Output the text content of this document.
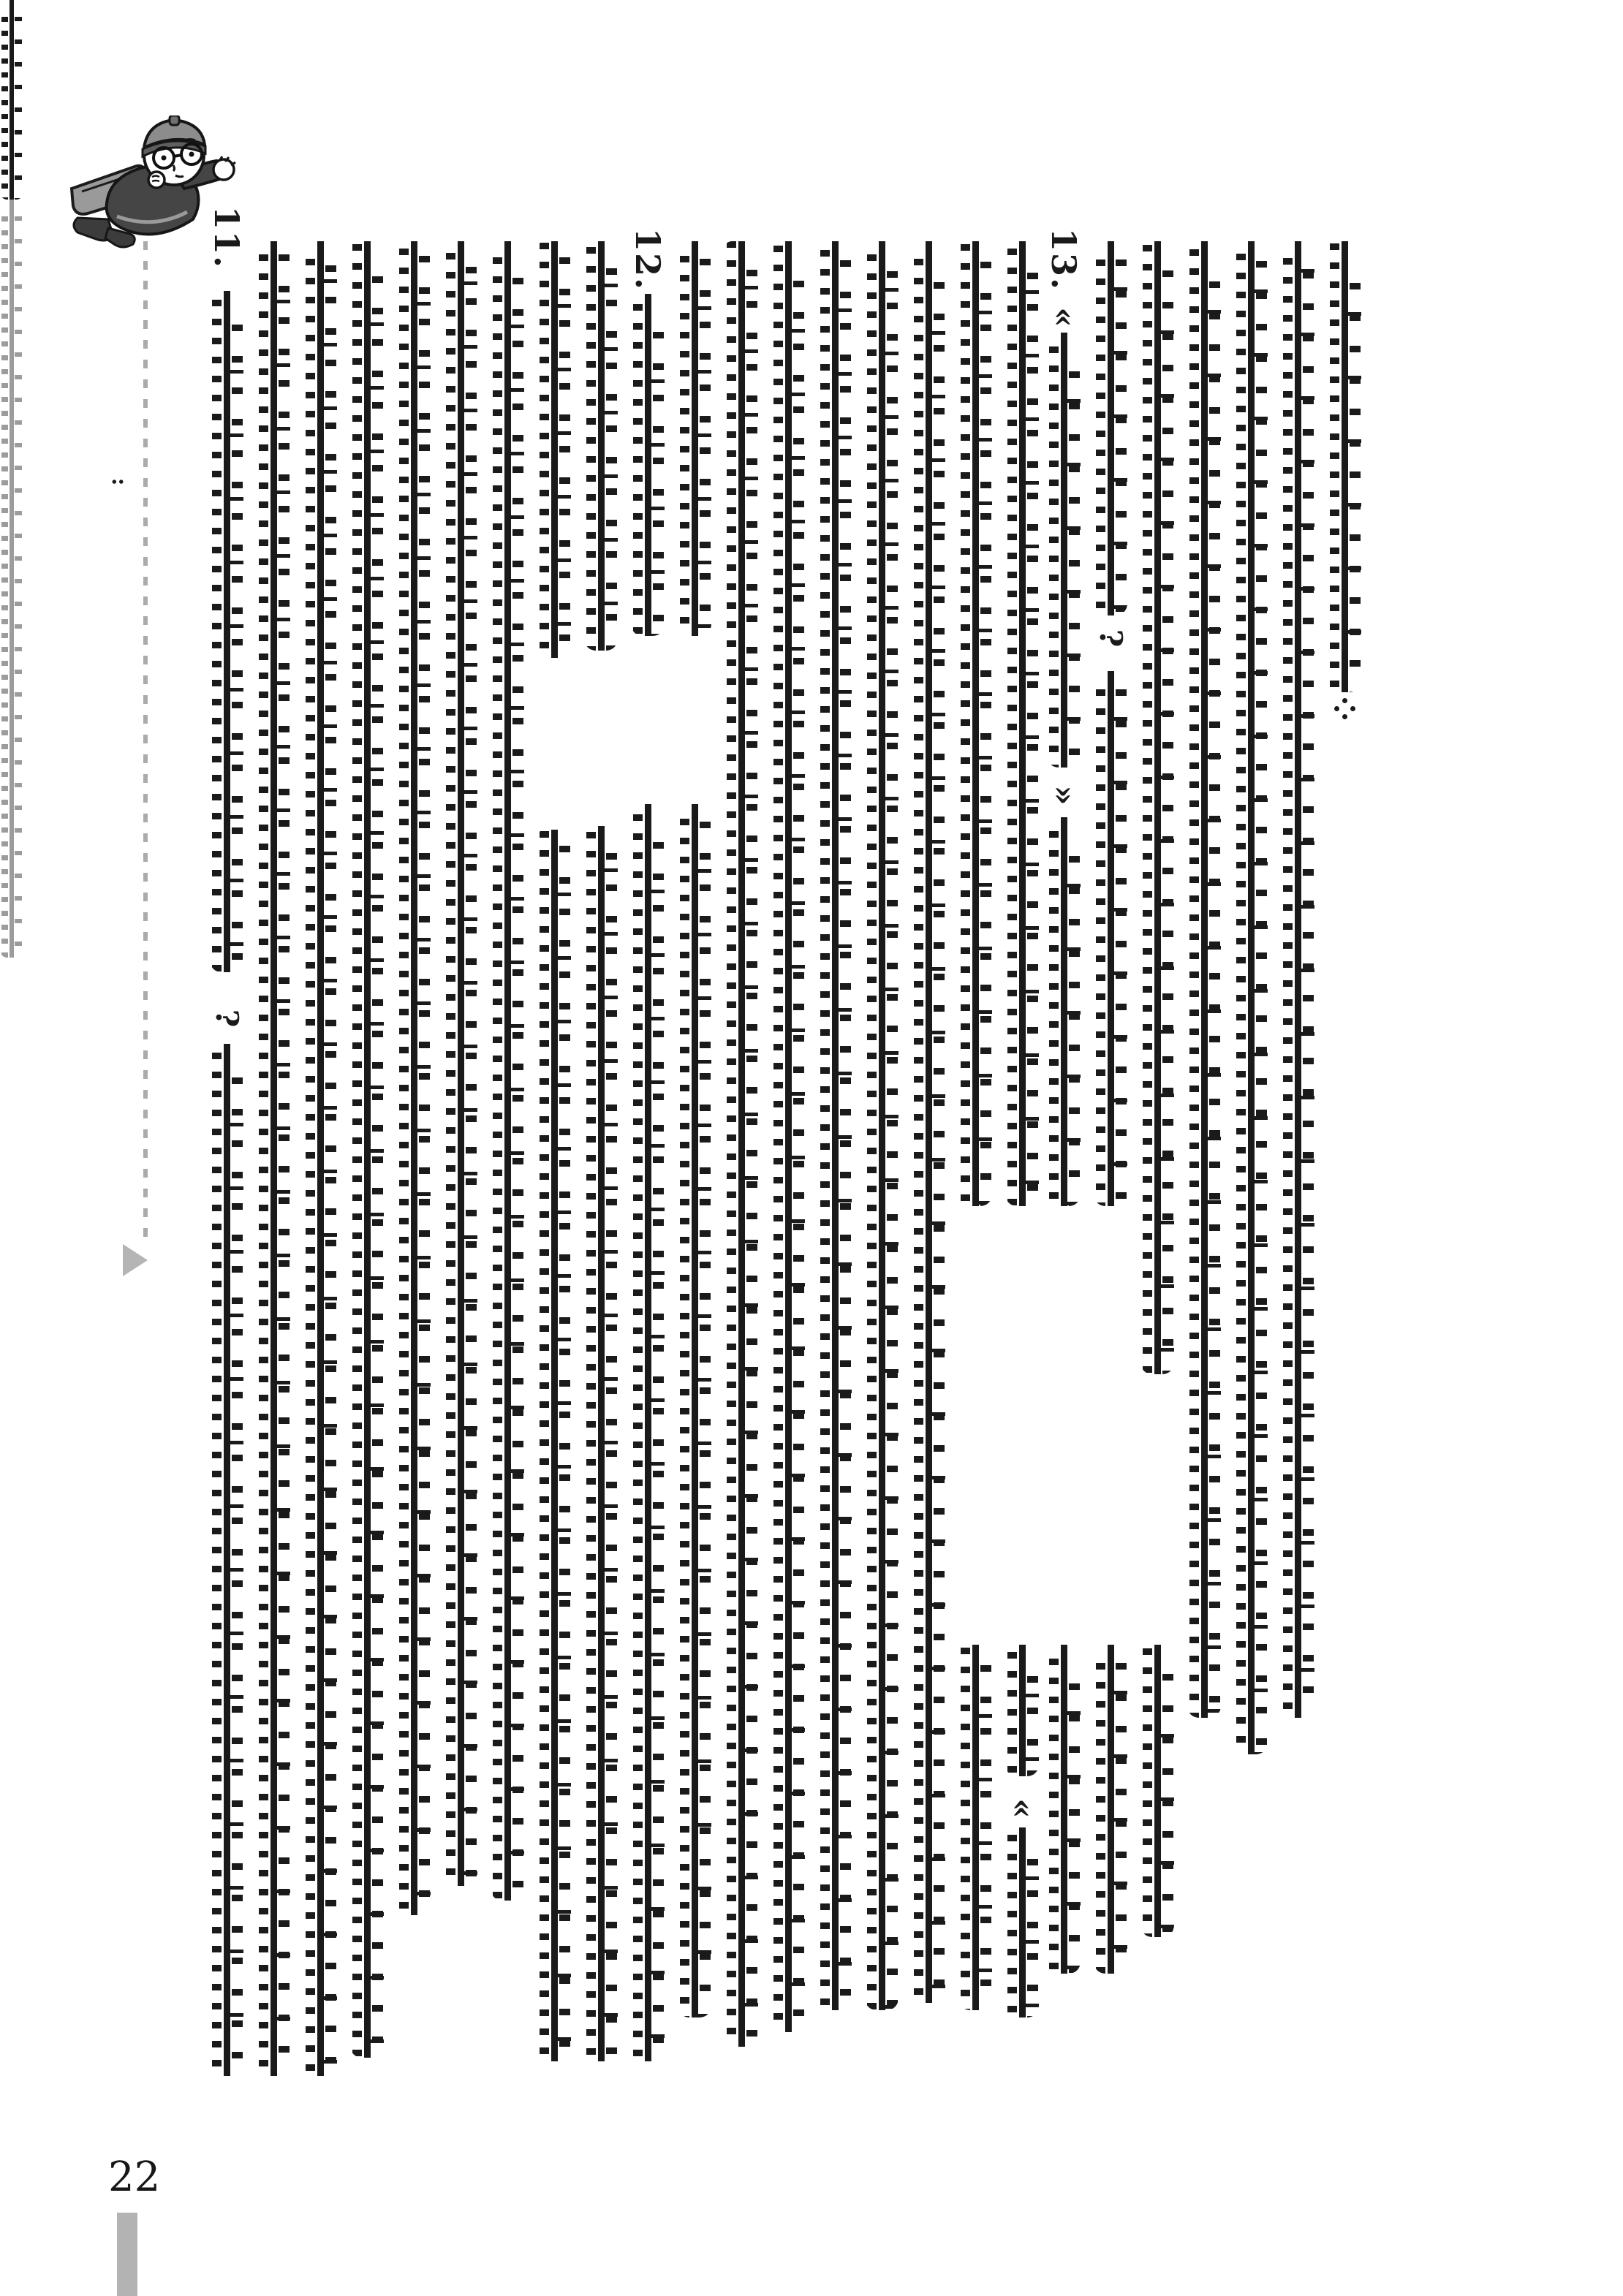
:
11.	12.	13.
«
»
«
?
?
22
